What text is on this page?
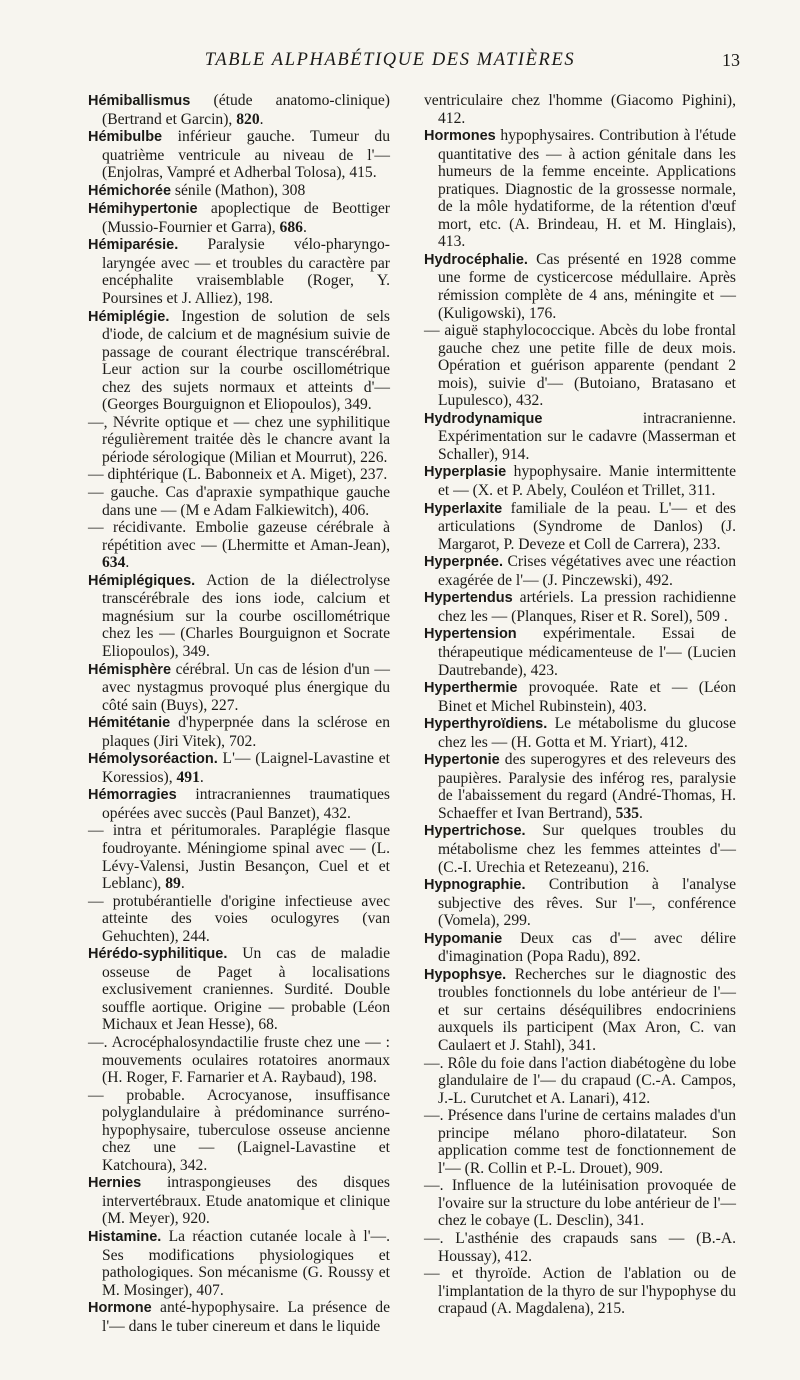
TABLE ALPHABÉTIQUE DES MATIÈRES	13

Hémiballismus (étude anatomo-clinique) (Bertrand et Garcin), 820.

Hémibulbe inférieur gauche. Tumeur du quatrième ventricule au niveau de l'— (Enjolras, Vampré et Adherbal Tolosa), 415.

Hémichorée sénile (Mathon), 308

Hémihypertonie apoplectique de Beottiger (Mussio-Fournier et Garra), 686.

Hémiparésie. Paralysie vélo-pharyngo-laryngée avec — et troubles du caractère par encéphalite vraisemblable (Roger, Y. Poursines et J. Alliez), 198.

Hémiplégie. Ingestion de solution de sels d'iode, de calcium et de magnésium suivie de passage de courant électrique transcérébral. Leur action sur la courbe oscillométrique chez des sujets normaux et atteints d'— (Georges Bourguignon et Eliopoulos), 349.

—, Névrite optique et — chez une syphilitique régulièrement traitée dès le chancre avant la période sérologique (Milian et Mourrut), 226.

— diphtérique (L. Babonneix et A. Miget), 237.

— gauche. Cas d'apraxie sympathique gauche dans une — (M e Adam Falkiewitch), 406.

— récidivante. Embolie gazeuse cérébrale à répétition avec — (Lhermitte et Aman-Jean), 634.

Hémiplégiques. Action de la diélectrolyse transcérébrale des ions iode, calcium et magnésium sur la courbe oscillométrique chez les — (Charles Bourguignon et Socrate Eliopoulos), 349.

Hémisphère cérébral. Un cas de lésion d'un — avec nystagmus provoqué plus énergique du côté sain (Buys), 227.

Hémitétanie d'hyperpnée dans la sclérose en plaques (Jiri Vitek), 702.

Hémolysoréaction. L'— (Laignel-Lavastine et Koressios), 491.

Hémorragies intracraniennes traumatiques opérées avec succès (Paul Banzet), 432.

— intra et péritumorales. Paraplégie flasque foudroyante. Méningiome spinal avec — (L. Lévy-Valensi, Justin Besançon, Cuel et et Leblanc), 89.

— protubérantielle d'origine infectieuse avec atteinte des voies oculogyres (van Gehuchten), 244.

Hérédo-syphilitique. Un cas de maladie osseuse de Paget à localisations exclusivement craniennes. Surdité. Double souffle aortique. Origine — probable (Léon Michaux et Jean Hesse), 68.

—. Acrocéphalosyndactilie fruste chez une — : mouvements oculaires rotatoires anormaux (H. Roger, F. Farnarier et A. Raybaud), 198.

— probable. Acrocyanose, insuffisance polyglandulaire à prédominance surréno-hypophysaire, tuberculose osseuse ancienne chez une — (Laignel-Lavastine et Katchoura), 342.

Hernies intraspongieuses des disques intervertébraux. Etude anatomique et clinique (M. Meyer), 920.

Histamine. La réaction cutanée locale à l'—. Ses modifications physiologiques et pathologiques. Son mécanisme (G. Roussy et M. Mosinger), 407.

Hormone anté-hypophysaire. La présence de l'— dans le tuber cinereum et dans le liquide

ventriculaire chez l'homme (Giacomo Pighini), 412.

Hormones hypophysaires. Contribution à l'étude quantitative des — à action génitale dans les humeurs de la femme enceinte. Applications pratiques. Diagnostic de la grossesse normale, de la môle hydatiforme, de la rétention d'œuf mort, etc. (A. Brindeau, H. et M. Hinglais), 413.

Hydrocéphalie. Cas présenté en 1928 comme une forme de cysticercose médullaire. Après rémission complète de 4 ans, méningite et — (Kuligowski), 176.

— aiguë staphylococcique. Abcès du lobe frontal gauche chez une petite fille de deux mois. Opération et guérison apparente (pendant 2 mois), suivie d'— (Butoiano, Bratasano et Lupulesco), 432.

Hydrodynamique intracranienne. Expérimentation sur le cadavre (Masserman et Schaller), 914.

Hyperplasie hypophysaire. Manie intermittente et — (X. et P. Abely, Couléon et Trillet, 311.

Hyperlaxite familiale de la peau. L'— et des articulations (Syndrome de Danlos) (J. Margarot, P. Deveze et Coll de Carrera), 233.

Hyperpnée. Crises végétatives avec une réaction exagérée de l'— (J. Pinczewski), 492.

Hypertendus artériels. La pression rachidienne chez les — (Planques, Riser et R. Sorel), 509 .

Hypertension expérimentale. Essai de thérapeutique médicamenteuse de l'— (Lucien Dautrebande), 423.

Hyperthermie provoquée. Rate et — (Léon Binet et Michel Rubinstein), 403.

Hyperthyroïdiens. Le métabolisme du glucose chez les — (H. Gotta et M. Yriart), 412.

Hypertonie des superogyres et des releveurs des paupières. Paralysie des inférog res, paralysie de l'abaissement du regard (André-Thomas, H. Schaeffer et Ivan Bertrand), 535.

Hypertrichose. Sur quelques troubles du métabolisme chez les femmes atteintes d'— (C.-I. Urechia et Retezeanu), 216.

Hypnographie. Contribution à l'analyse subjective des rêves. Sur l'—, conférence (Vomela), 299.

Hypomanie Deux cas d'— avec délire d'imagination (Popa Radu), 892.

Hypophsye. Recherches sur le diagnostic des troubles fonctionnels du lobe antérieur de l'— et sur certains déséquilibres endocriniens auxquels ils participent (Max Aron, C. van Caulaert et J. Stahl), 341.

—. Rôle du foie dans l'action diabétogène du lobe glandulaire de l'— du crapaud (C.-A. Campos, J.-L. Curutchet et A. Lanari), 412.

—. Présence dans l'urine de certains malades d'un principe mélano phoro-dilatateur. Son application comme test de fonctionnement de l'— (R. Collin et P.-L. Drouet), 909.

—. Influence de la lutéinisation provoquée de l'ovaire sur la structure du lobe antérieur de l'— chez le cobaye (L. Desclin), 341.

—. L'asthénie des crapauds sans — (B.-A. Houssay), 412.

— et thyroïde. Action de l'ablation ou de l'implantation de la thyro de sur l'hypophyse du crapaud (A. Magdalena), 215.
